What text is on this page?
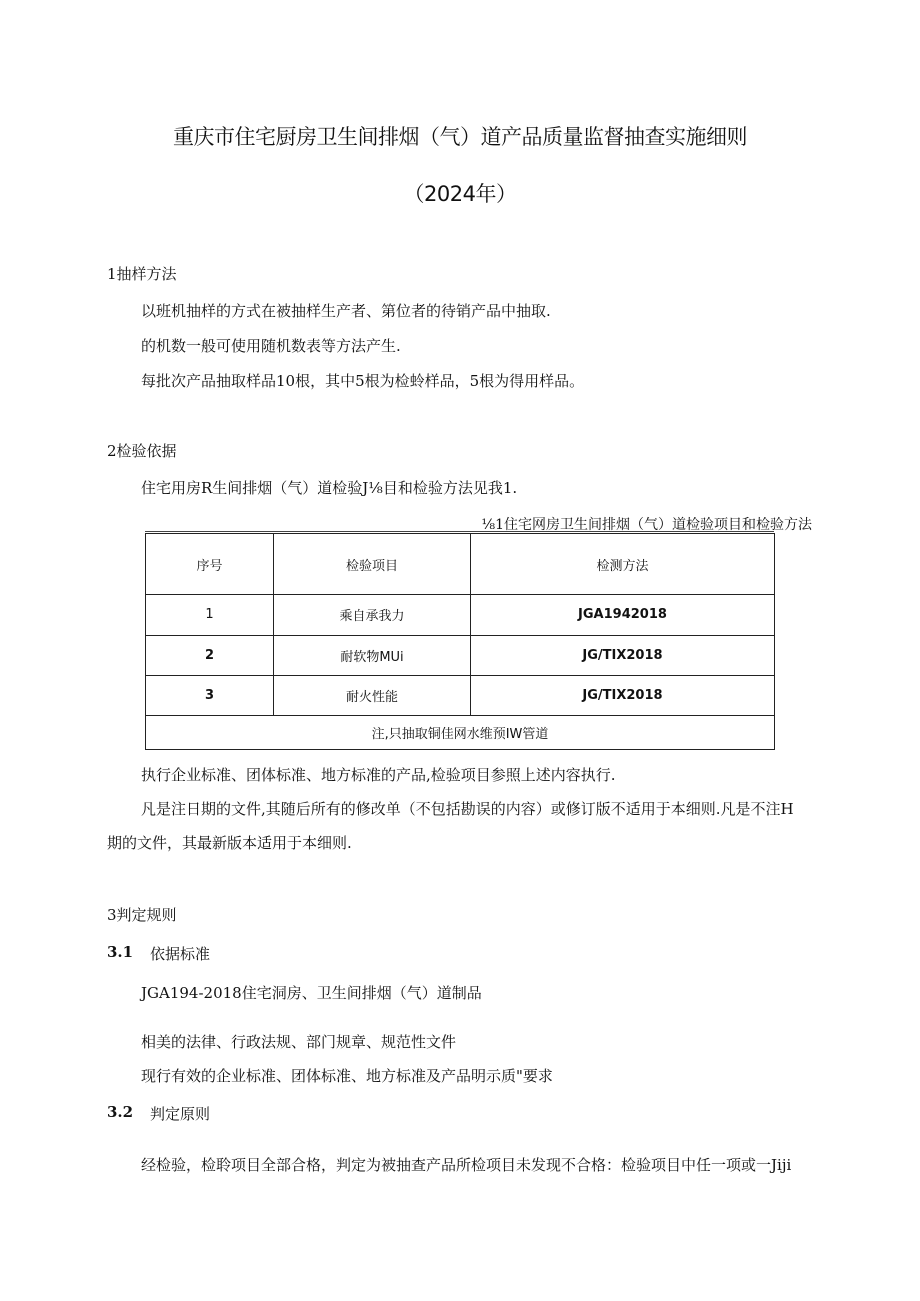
重庆市住宅厨房卫生间排烟（气）道产品质量监督抽查实施细则
（2024年）
1抽样方法
以班机抽样的方式在被抽样生产者、第位者的待销产品中抽取.
的机数一般可使用随机数表等方法产生.
每批次产品抽取样品10根，其中5根为检蛉样品，5根为得用样品。
2检验依据
住宅用房R生间排烟（气）道检验J⅛目和检验方法见我1.
⅛1住宅网房卫生间排烟（气）道检验项目和检验方法
序号	检验项目	检测方法
1	乘自承我力	JGA1942018
2	耐软物MUi	JG/TIX2018
3	耐火性能	JG/TIX2018
注,只抽取铜佳网水维预IW管道		
执行企业标准、团体标准、地方标准的产品,检验项目参照上述内容执行.
凡是注日期的文件,其随后所有的修改单（不包括勘误的内容）或修订版不适用于本细则.凡是不注H
期的文件，其最新版本适用于本细则.
3判定规则
3.1 依据标准
JGA194-2018住宅洞房、卫生间排烟（气）道制品
相美的法律、行政法规、部门规章、规范性文件
现行有效的企业标准、团体标准、地方标准及产品明示质"要求
3.2 判定原则
经检验，检聆项目全部合格，判定为被抽查产品所检项目未发现不合格：检验项目中任一项或一Jiji
